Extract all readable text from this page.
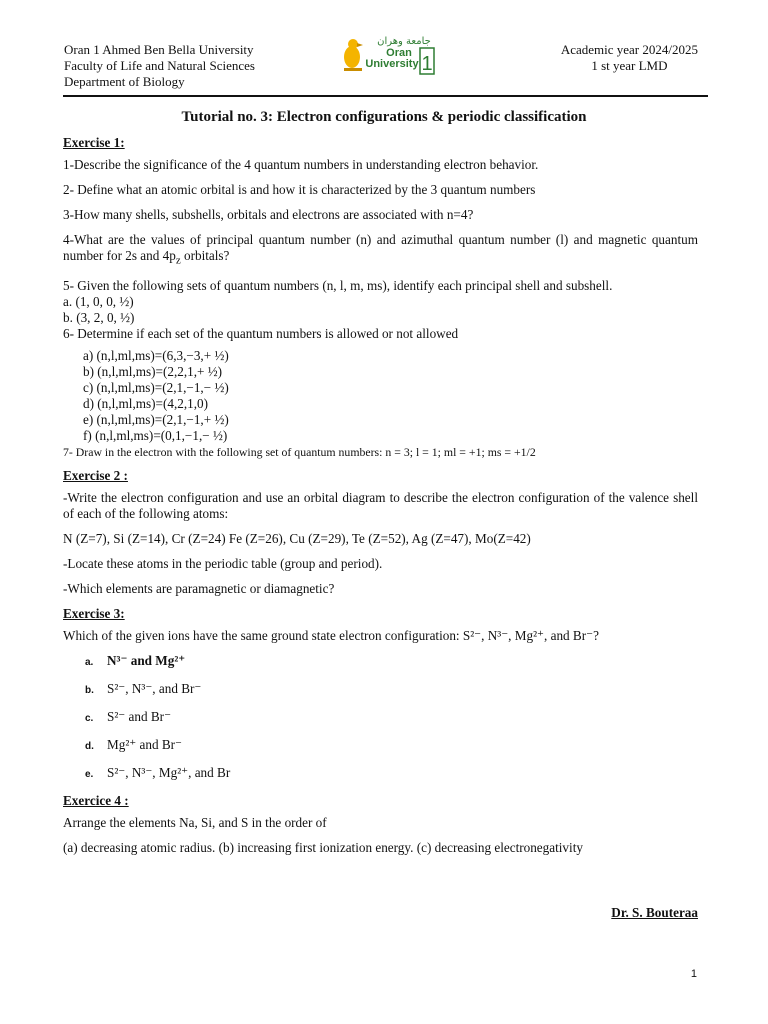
Oran 1 Ahmed Ben Bella University
Faculty of Life and Natural Sciences
Department of Biology
جامعة وهران
Oran
University 1
Academic year 2024/2025
1 st year LMD
Tutorial no. 3: Electron configurations & periodic classification
Exercise 1:
1-Describe the significance of the 4 quantum numbers in understanding electron behavior.
2- Define what an atomic orbital is and how it is characterized by the 3 quantum numbers
3-How many shells, subshells, orbitals and electrons are associated with n=4?
4-What are the values of principal quantum number (n) and azimuthal quantum number (l) and magnetic quantum number for 2s and $4p_z$ orbitals?
5- Given the following sets of quantum numbers (n, l, m, ms), identify each principal shell and subshell.
a. (1, 0, 0, ½)
b. (3, 2, 0, ½)
6- Determine if each set of the quantum numbers is allowed or not allowed
a) (n,l,ml,ms)=(6,3,−3,+ ½)
b) (n,l,ml,ms)=(2,2,1,+ ½)
c) (n,l,ml,ms)=(2,1,−1,− ½)
d) (n,l,ml,ms)=(4,2,1,0)
e) (n,l,ml,ms)=(2,1,−1,+ ½)
f) (n,l,ml,ms)=(0,1,−1,− ½)
7- Draw in the electron with the following set of quantum numbers: n = 3; l = 1; ml = +1; ms = +1/2
Exercise 2 :
-Write the electron configuration and use an orbital diagram to describe the electron configuration of the valence shell of each of the following atoms:
N (Z=7), Si (Z=14), Cr (Z=24) Fe (Z=26), Cu (Z=29), Te (Z=52), Ag (Z=47), Mo(Z=42)
-Locate these atoms in the periodic table (group and period).
-Which elements are paramagnetic or diamagnetic?
Exercise 3:
Which of the given ions have the same ground state electron configuration: S²⁻, N³⁻, Mg²⁺, and Br⁻?
a. N³⁻ and Mg²⁺
b. S²⁻, N³⁻, and Br⁻
c. S²⁻ and Br⁻
d. Mg²⁺ and Br⁻
e. S²⁻, N³⁻, Mg²⁺, and Br
Exercice 4 :
Arrange the elements Na, Si, and S in the order of
(a) decreasing atomic radius. (b) increasing first ionization energy. (c) decreasing electronegativity
Dr. S. Bouteraa
1
